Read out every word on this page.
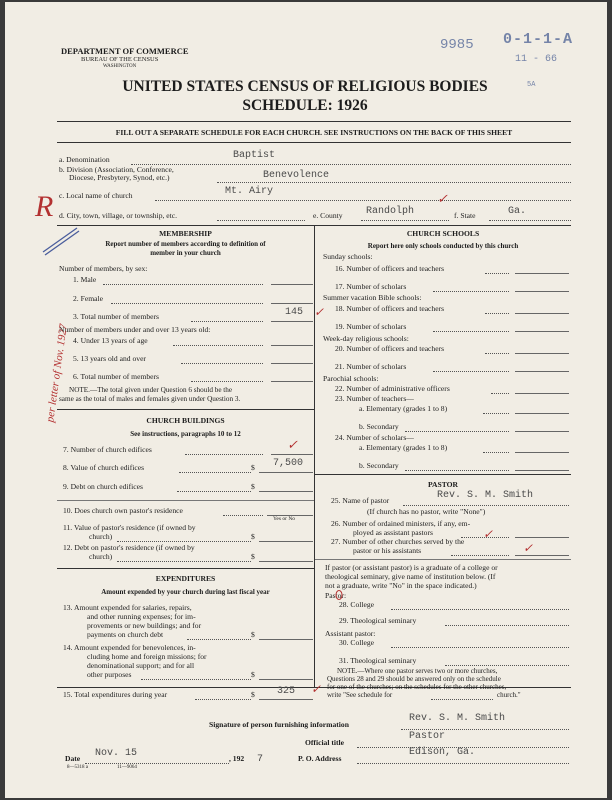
9985 0-1-1-A
11 - 66
5A
DEPARTMENT OF COMMERCE
BUREAU OF THE CENSUS
WASHINGTON
UNITED STATES CENSUS OF RELIGIOUS BODIES
SCHEDULE: 1926
FILL OUT A SEPARATE SCHEDULE FOR EACH CHURCH. SEE INSTRUCTIONS ON THE BACK OF THIS SHEET
a. Denomination	Baptist
b. Division (Association, Conference,
Diocese, Presbytery, Synod, etc.)	Benevolence
c. Local name of church	Mt. Airy
d. City, town, village, or township, etc.	e. County Randolph	f. State	Ga.
MEMBERSHIP
Report number of members according to definition of
member in your church
Number of members, by sex:
1. Male
2. Female
3. Total number of members	145
Number of members under and over 13 years old:
4. Under 13 years of age
5. 13 years old and over
6. Total number of members
NOTE.—The total given under Question 6 should be the
same as the total of males and females given under Question 3.
CHURCH BUILDINGS
See instructions, paragraphs 10 to 12
7. Number of church edifices
8. Value of church edifices	$ 7,500
9. Debt on church edifices	$
10. Does church own pastor's residence
Yes or No
11. Value of pastor's residence (if owned by
church)	$
12. Debt on pastor's residence (if owned by
church)	$
EXPENDITURES
Amount expended by your church during last fiscal year
13. Amount expended for salaries, repairs,
and other running expenses; for im-
provements or new buildings; and for
payments on church debt	$
14. Amount expended for benevolences, in-
cluding home and foreign missions; for
denominational support; and for all
other purposes	$
15. Total expenditures during year	$ 325
CHURCH SCHOOLS
Report here only schools conducted by this church
Sunday schools:
16. Number of officers and teachers
17. Number of scholars
Summer vacation Bible schools:
18. Number of officers and teachers
19. Number of scholars
Week-day religious schools:
20. Number of officers and teachers
21. Number of scholars
Parochial schools:
22. Number of administrative officers
23. Number of teachers—
a. Elementary (grades 1 to 8)
b. Secondary
24. Number of scholars—
a. Elementary (grades 1 to 8)
b. Secondary
PASTOR
25. Name of pastor	Rev. S. M. Smith
(If church has no pastor, write "None")
26. Number of ordained ministers, if any, em-
ployed as assistant pastors
27. Number of other churches served by the
pastor or his assistants
If pastor (or assistant pastor) is a graduate of a college or
theological seminary, give name of institution below. (If
not a graduate, write "No" in the space indicated.)
Pastor:
28. College
29. Theological seminary
Assistant pastor:
30. College
31. Theological seminary
NOTE.—Where one pastor serves two or more churches,
Questions 28 and 29 should be answered only on the schedule
for one of the churches; on the schedules for the other churches,
write "See schedule for	church."
Signature of person furnishing information
Rev. S. M. Smith
Official title
Pastor
P. O. Address
Edison, Ga.
Date Nov. 15	, 192 7
8—5318 a	11—9064
R
per letter of Nov. 1927
✓
✓
✓
✓
✓
✓
